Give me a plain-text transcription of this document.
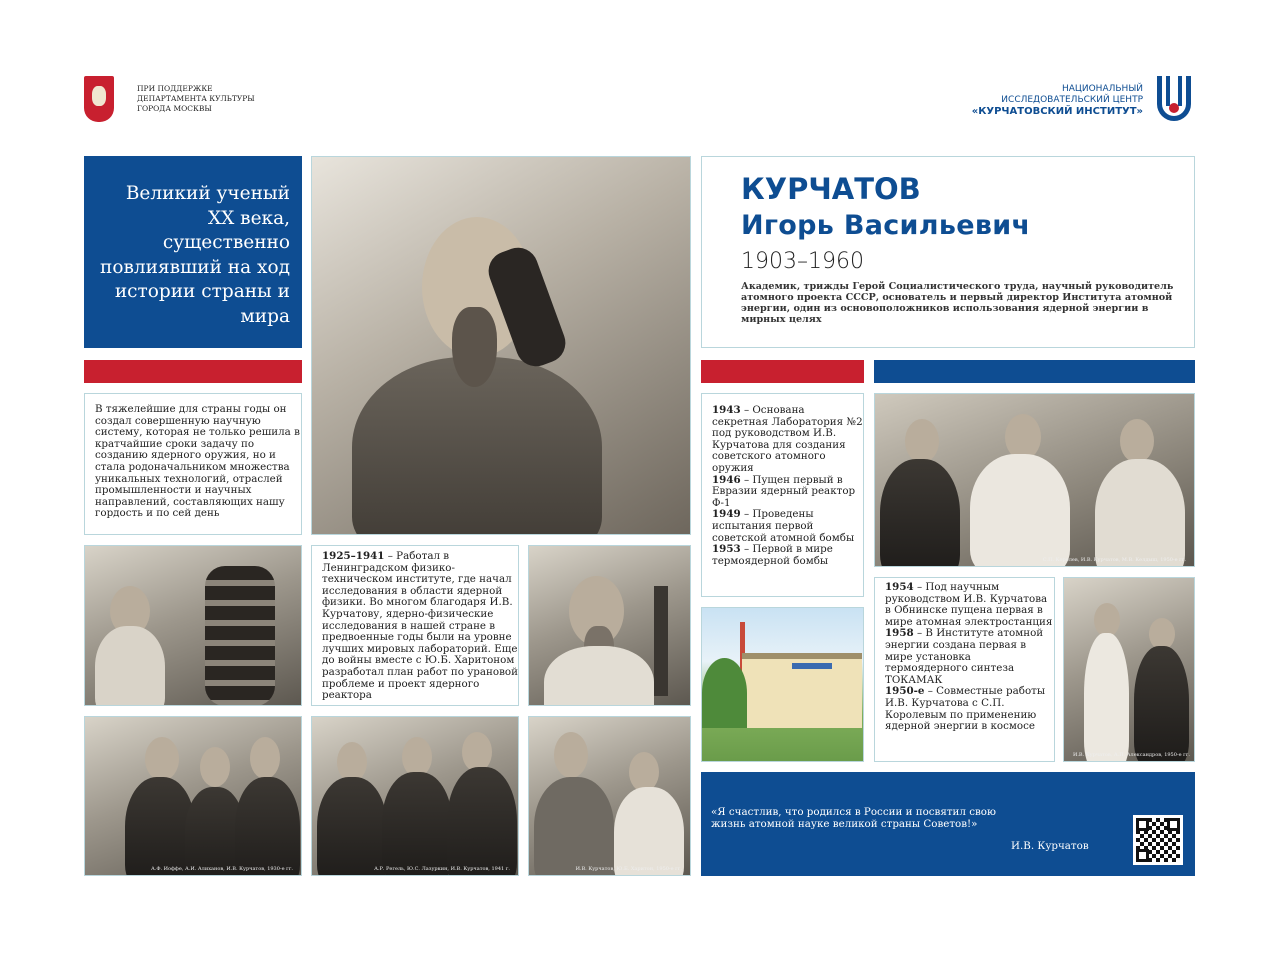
ПРИ ПОДДЕРЖКЕ
ДЕПАРТАМЕНТА КУЛЬТУРЫ
ГОРОДА МОСКВЫ
НАЦИОНАЛЬНЫЙ
ИССЛЕДОВАТЕЛЬСКИЙ ЦЕНТР
«КУРЧАТОВСКИЙ ИНСТИТУТ»
Великий ученый XX века, существенно повлиявший на ход истории страны и мира
В тяжелейшие для страны годы он создал совершенную научную систему, которая не только решила в кратчайшие сроки задачу по созданию ядерного оружия, но и стала родоначальником множества уникальных технологий, отраслей промышленности и научных направлений, составляющих нашу гордость и по сей день
1925–1941 – Работал в Ленинградском физико-техническом институте, где начал исследования в области ядерной физики. Во многом благодаря И.В. Курчатову, ядерно-физические исследования в нашей стране в предвоенные годы были на уровне лучших мировых лабораторий. Еще до войны вместе с Ю.Б. Харитоном разработал план работ по урановой проблеме и проект ядерного реактора
А.Ф. Иоффе, А.И. Алиханов, И.В. Курчатов, 1930-е гг.	А.Р. Регель, Ю.С. Лазуркин, И.В. Курчатов, 1941 г.	И.В. Курчатов, Ю.Б. Харитон, 1950-е гг.
КУРЧАТОВ
Игорь Васильевич
1903–1960
Академик, трижды Герой Социалистического труда, научный руководитель атомного проекта СССР, основатель и первый директор Института атомной энергии, один из основоположников использования ядерной энергии в мирных целях
1943 – Основана секретная Лаборатория №2 под руководством И.В. Курчатова для создания советского атомного оружия
1946 – Пущен первый в Евразии ядерный реактор Ф-1
1949 – Проведены испытания первой советской атомной бомбы
1953 – Первой в мире термоядерной бомбы	С.П. Королев, И.В. Курчатов, М.В. Келдыш, 1950-е гг.
1954 – Под научным руководством И.В. Курчатова в Обнинске пущена первая в мире атомная электростанция
1958 – В Институте атомной энергии создана первая в мире установка термоядерного синтеза ТОКАМАК
1950-е – Совместные работы И.В. Курчатова с С.П. Королевым по применению ядерной энергии в космосе
И.В. Курчатов, А.П. Александров, 1950-е гг.
«Я счастлив, что родился в России и посвятил свою жизнь атомной науке великой страны Советов!»
И.В. Курчатов
